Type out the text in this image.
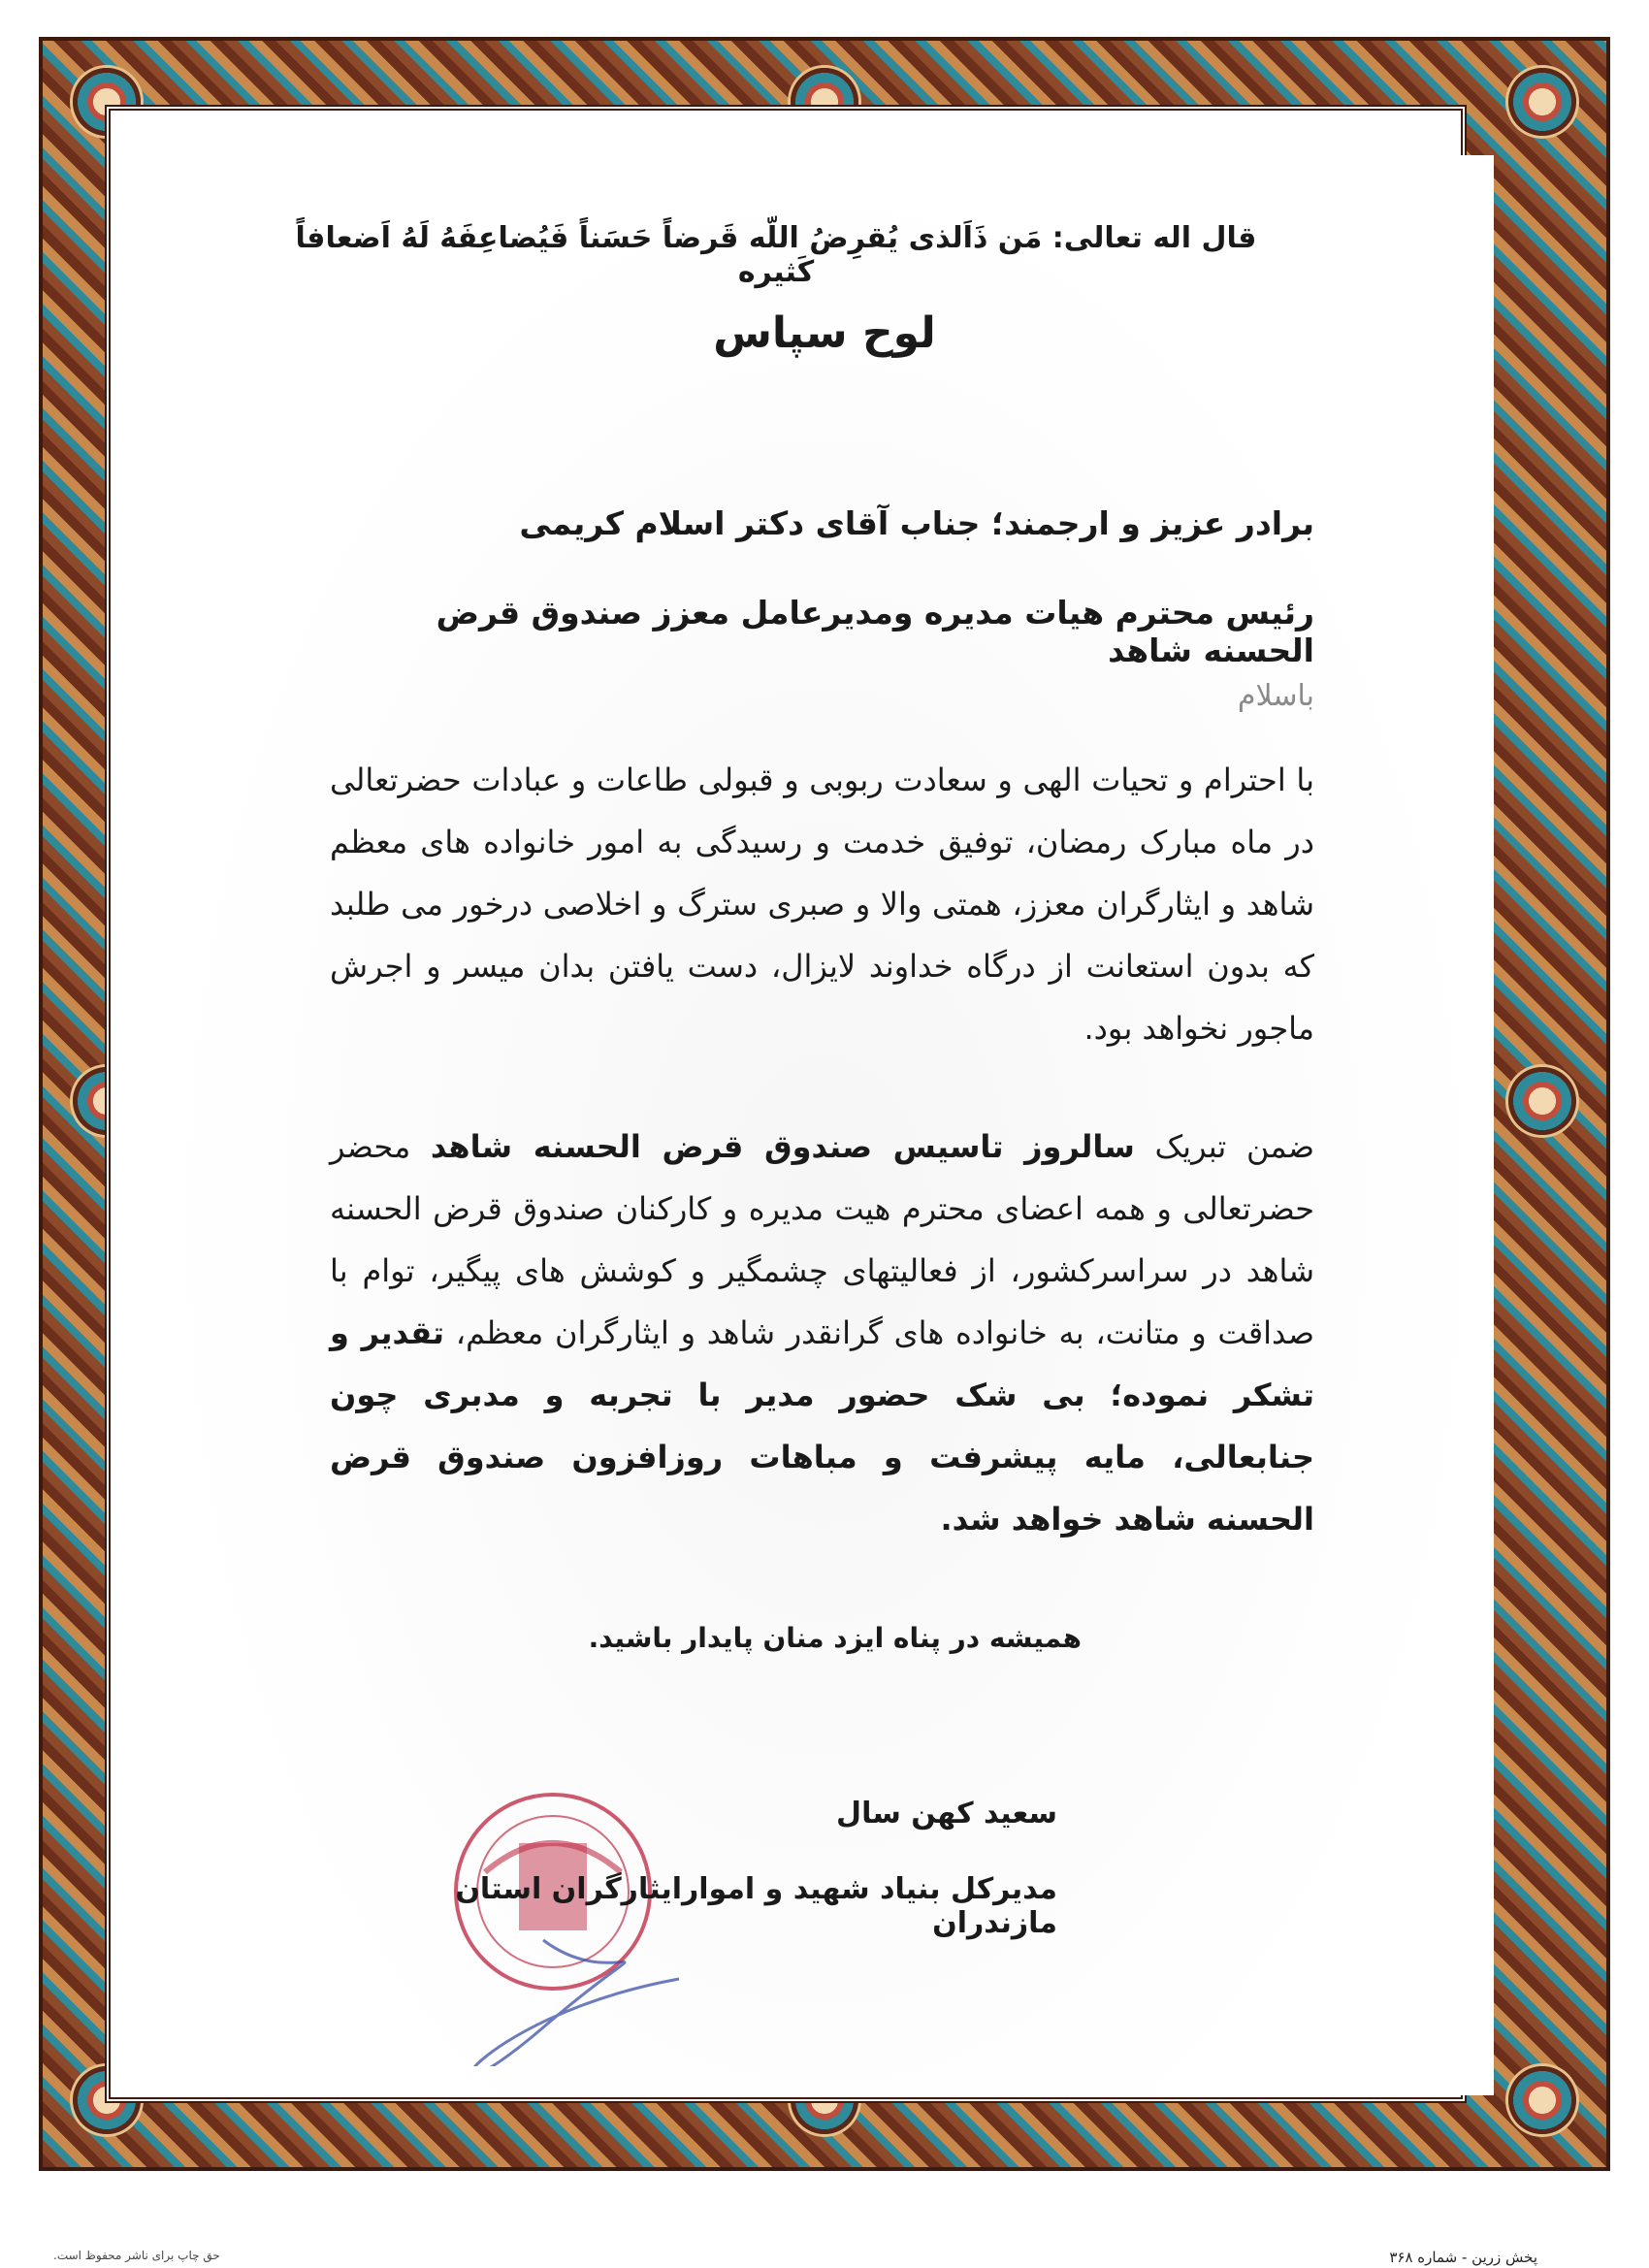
قال اله تعالی: مَن ذَاَلذی یُقرِضُ اللّه قَرضاً حَسَناً فَیُضاعِفَهُ لَهُ اَضعافاً کَثیره
لوح سپاس
برادر عزیز و ارجمند؛ جناب آقای دکتر اسلام کریمی
رئیس محترم هیات مدیره ومدیرعامل معزز صندوق قرض الحسنه شاهد
باسلام
با احترام و تحیات الهی و سعادت ربوبی و قبولی طاعات و عبادات حضرتعالی در ماه مبارک رمضان، توفیق خدمت و رسیدگی به امور خانواده های معظم شاهد و ایثارگران معزز، همتی والا و صبری سترگ و اخلاصی درخور می طلبد که بدون استعانت از درگاه خداوند لایزال، دست یافتن بدان میسر و اجرش ماجور نخواهد بود.
ضمن تبریک سالروز تاسیس صندوق قرض الحسنه شاهد محضر حضرتعالی و همه اعضای محترم هیت مدیره و کارکنان صندوق قرض الحسنه شاهد در سراسرکشور، از فعالیتهای چشمگیر و کوشش های پیگیر، توام با صداقت و متانت، به خانواده های گرانقدر شاهد و ایثارگران معظم، تقدیر و تشکر نموده؛ بی شک حضور مدیر با تجربه و مدبری چون جنابعالی، مایه پیشرفت و مباهات روزافزون صندوق قرض الحسنه شاهد خواهد شد.
همیشه در پناه ایزد منان پایدار باشید.
سعید کهن سال
مدیرکل بنیاد شهید و اموارایثارگران استان مازندران
پخش زرین - شماره ۳۶۸
حق چاپ برای ناشر محفوظ است.
